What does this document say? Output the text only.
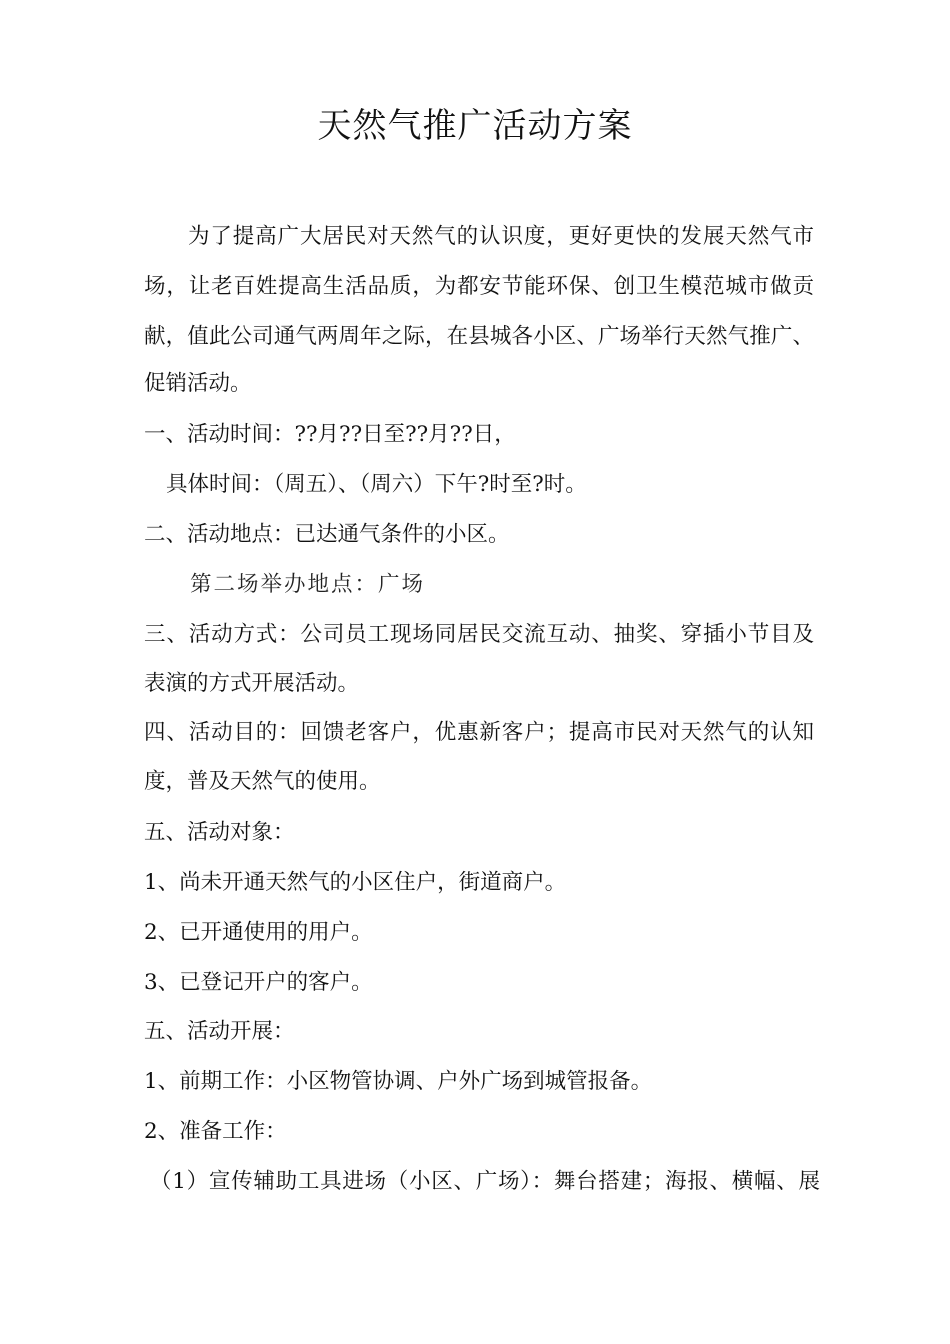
天然气推广活动方案
为了提高广大居民对天然气的认识度，更好更快的发展天然气市
场，让老百姓提高生活品质，为都安节能环保、创卫生模范城市做贡
献，值此公司通气两周年之际，在县城各小区、广场举行天然气推广、
促销活动。
一、活动时间：??月??日至??月??日，
具体时间：（周五）、（周六）下午?时至?时。
二、活动地点：已达通气条件的小区。
第二场举办地点：广场
三、活动方式：公司员工现场同居民交流互动、抽奖、穿插小节目及
表演的方式开展活动。
四、活动目的：回馈老客户，优惠新客户；提高市民对天然气的认知
度，普及天然气的使用。
五、活动对象：
1、尚未开通天然气的小区住户，街道商户。
2、已开通使用的用户。
3、已登记开户的客户。
五、活动开展：
1、前期工作：小区物管协调、户外广场到城管报备。
2、准备工作：
（1）宣传辅助工具进场（小区、广场）：舞台搭建；海报、横幅、展
